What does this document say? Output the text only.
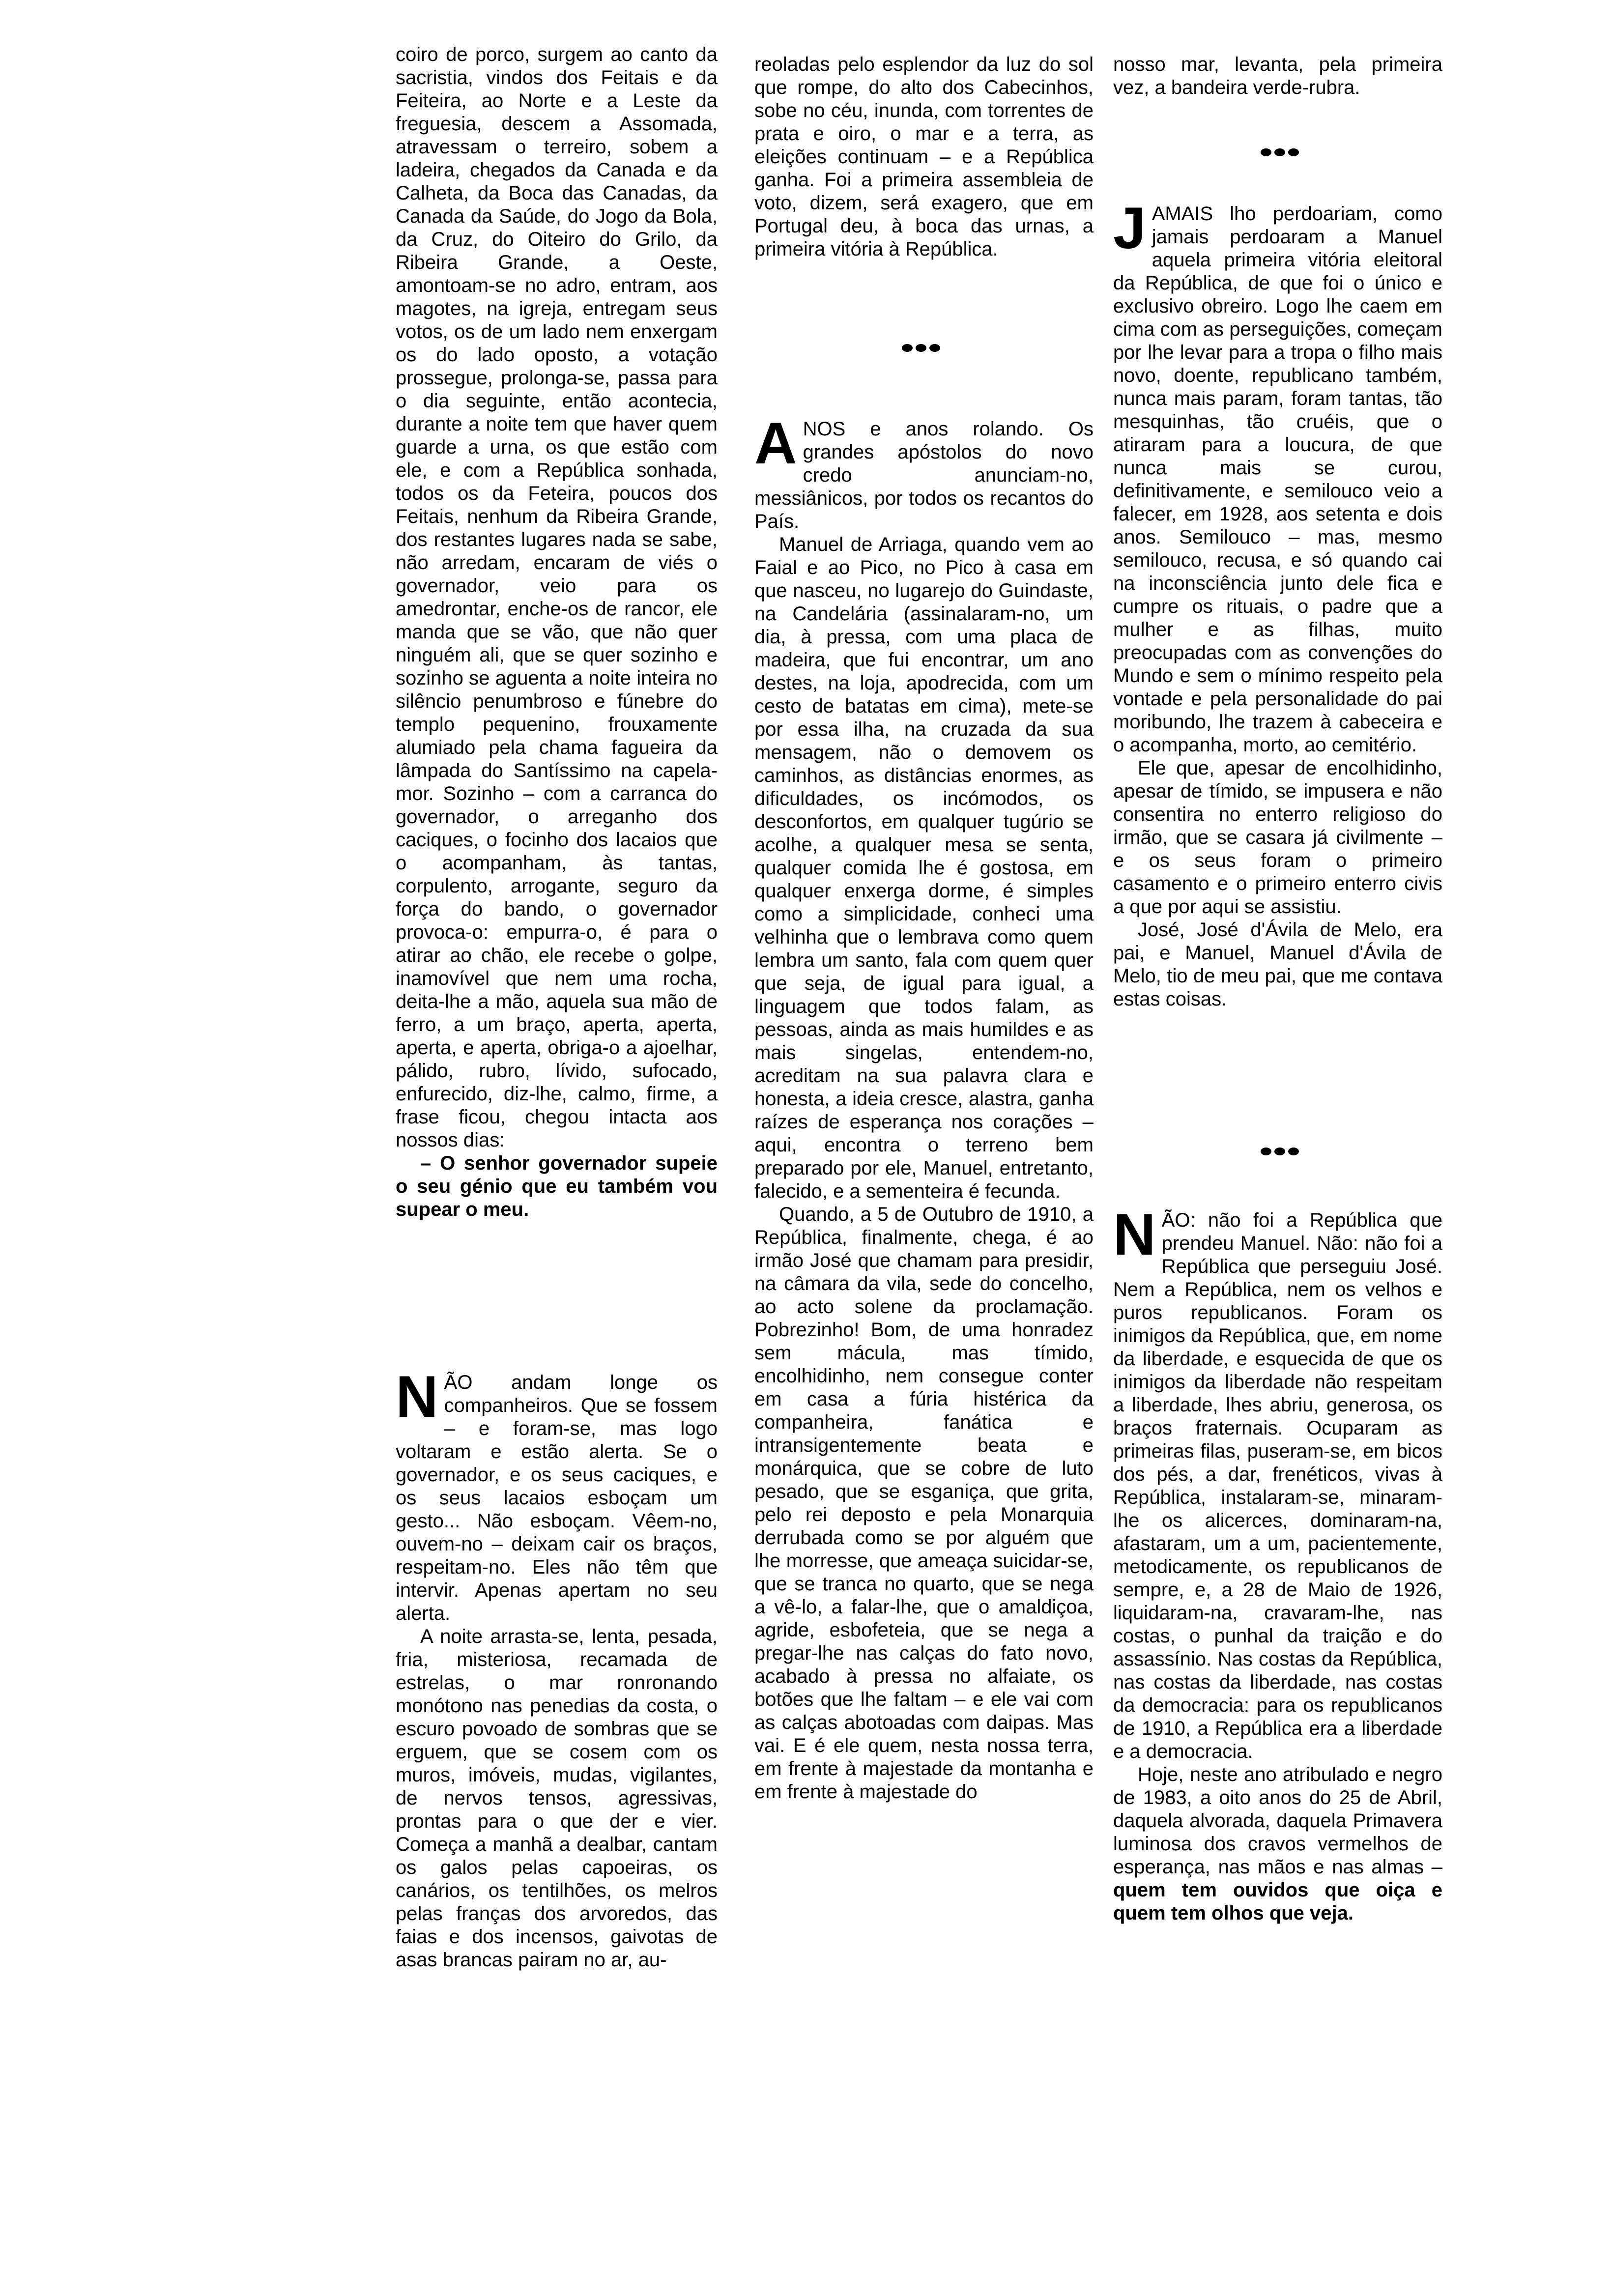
coiro de porco, surgem ao canto da sacristia, vindos dos Feitais e da Feiteira, ao Norte e a Leste da freguesia, descem a Assomada, atravessam o terreiro, sobem a ladeira, chegados da Canada e da Calheta, da Boca das Canadas, da Canada da Saúde, do Jogo da Bola, da Cruz, do Oiteiro do Grilo, da Ribeira Grande, a Oeste, amontoam-se no adro, entram, aos magotes, na igreja, entregam seus votos, os de um lado nem enxergam os do lado oposto, a votação prossegue, prolonga-se, passa para o dia seguinte, então acontecia, durante a noite tem que haver quem guarde a urna, os que estão com ele, e com a República sonhada, todos os da Feteira, poucos dos Feitais, nenhum da Ribeira Grande, dos restantes lugares nada se sabe, não arredam, encaram de viés o governador, veio para os amedrontar, enche-os de rancor, ele manda que se vão, que não quer ninguém ali, que se quer sozinho e sozinho se aguenta a noite inteira no silêncio penumbroso e fúnebre do templo pequenino, frouxamente alumiado pela chama fagueira da lâmpada do Santíssimo na capela-mor. Sozinho – com a carranca do governador, o arreganho dos caciques, o focinho dos lacaios que o acompanham, às tantas, corpulento, arrogante, seguro da força do bando, o governador provoca-o: empurra-o, é para o atirar ao chão, ele recebe o golpe, inamovível que nem uma rocha, deita-lhe a mão, aquela sua mão de ferro, a um braço, aperta, aperta, aperta, e aperta, obriga-o a ajoelhar, pálido, rubro, lívido, sufocado, enfurecido, diz-lhe, calmo, firme, a frase ficou, chegou intacta aos nossos dias:

– O senhor governador supeie o seu génio que eu também vou supear o meu.

NÃO andam longe os companheiros. Que se fossem – e foram-se, mas logo voltaram e estão alerta. Se o governador, e os seus caciques, e os seus lacaios esboçam um gesto... Não esboçam. Vêem-no, ouvem-no – deixam cair os braços, respeitam-no. Eles não têm que intervir. Apenas apertam no seu alerta.

A noite arrasta-se, lenta, pesada, fria, misteriosa, recamada de estrelas, o mar ronronando monótono nas penedias da costa, o escuro povoado de sombras que se erguem, que se cosem com os muros, imóveis, mudas, vigilantes, de nervos tensos, agressivas, prontas para o que der e vier. Começa a manhã a dealbar, cantam os galos pelas capoeiras, os canários, os tentilhões, os melros pelas franças dos arvoredos, das faias e dos incensos, gaivotas de asas brancas pairam no ar, au-

reoladas pelo esplendor da luz do sol que rompe, do alto dos Cabecinhos, sobe no céu, inunda, com torrentes de prata e oiro, o mar e a terra, as eleições continuam – e a República ganha. Foi a primeira assembleia de voto, dizem, será exagero, que em Portugal deu, à boca das urnas, a primeira vitória à República.

ANOS e anos rolando. Os grandes apóstolos do novo credo anunciam-no, messiânicos, por todos os recantos do País.

Manuel de Arriaga, quando vem ao Faial e ao Pico, no Pico à casa em que nasceu, no lugarejo do Guindaste, na Candelária (assinalaram-no, um dia, à pressa, com uma placa de madeira, que fui encontrar, um ano destes, na loja, apodrecida, com um cesto de batatas em cima), mete-se por essa ilha, na cruzada da sua mensagem, não o demovem os caminhos, as distâncias enormes, as dificuldades, os incómodos, os desconfortos, em qualquer tugúrio se acolhe, a qualquer mesa se senta, qualquer comida lhe é gostosa, em qualquer enxerga dorme, é simples como a simplicidade, conheci uma velhinha que o lembrava como quem lembra um santo, fala com quem quer que seja, de igual para igual, a linguagem que todos falam, as pessoas, ainda as mais humildes e as mais singelas, entendem-no, acreditam na sua palavra clara e honesta, a ideia cresce, alastra, ganha raízes de esperança nos corações – aqui, encontra o terreno bem preparado por ele, Manuel, entretanto, falecido, e a sementeira é fecunda.

Quando, a 5 de Outubro de 1910, a República, finalmente, chega, é ao irmão José que chamam para presidir, na câmara da vila, sede do concelho, ao acto solene da proclamação. Pobrezinho! Bom, de uma honradez sem mácula, mas tímido, encolhidinho, nem consegue conter em casa a fúria histérica da companheira, fanática e intransigentemente beata e monárquica, que se cobre de luto pesado, que se esganiça, que grita, pelo rei deposto e pela Monarquia derrubada como se por alguém que lhe morresse, que ameaça suicidar-se, que se tranca no quarto, que se nega a vê-lo, a falar-lhe, que o amaldiçoa, agride, esbofeteia, que se nega a pregar-lhe nas calças do fato novo, acabado à pressa no alfaiate, os botões que lhe faltam – e ele vai com as calças abotoadas com daipas. Mas vai. E é ele quem, nesta nossa terra, em frente à majestade da montanha e em frente à majestade do

nosso mar, levanta, pela primeira vez, a bandeira verde-rubra.

JAMAIS lho perdoariam, como jamais perdoaram a Manuel aquela primeira vitória eleitoral da República, de que foi o único e exclusivo obreiro. Logo lhe caem em cima com as perseguições, começam por lhe levar para a tropa o filho mais novo, doente, republicano também, nunca mais param, foram tantas, tão mesquinhas, tão cruéis, que o atiraram para a loucura, de que nunca mais se curou, definitivamente, e semilouco veio a falecer, em 1928, aos setenta e dois anos. Semilouco – mas, mesmo semilouco, recusa, e só quando cai na inconsciência junto dele fica e cumpre os rituais, o padre que a mulher e as filhas, muito preocupadas com as convenções do Mundo e sem o mínimo respeito pela vontade e pela personalidade do pai moribundo, lhe trazem à cabeceira e o acompanha, morto, ao cemitério.

Ele que, apesar de encolhidinho, apesar de tímido, se impusera e não consentira no enterro religioso do irmão, que se casara já civilmente – e os seus foram o primeiro casamento e o primeiro enterro civis a que por aqui se assistiu.

José, José d'Ávila de Melo, era pai, e Manuel, Manuel d'Ávila de Melo, tio de meu pai, que me contava estas coisas.

NÃO: não foi a República que prendeu Manuel. Não: não foi a República que perseguiu José. Nem a República, nem os velhos e puros republicanos. Foram os inimigos da República, que, em nome da liberdade, e esquecida de que os inimigos da liberdade não respeitam a liberdade, lhes abriu, generosa, os braços fraternais. Ocuparam as primeiras filas, puseram-se, em bicos dos pés, a dar, frenéticos, vivas à República, instalaram-se, minaram-lhe os alicerces, dominaram-na, afastaram, um a um, pacientemente, metodicamente, os republicanos de sempre, e, a 28 de Maio de 1926, liquidaram-na, cravaram-lhe, nas costas, o punhal da traição e do assassínio. Nas costas da República, nas costas da liberdade, nas costas da democracia: para os republicanos de 1910, a República era a liberdade e a democracia.

Hoje, neste ano atribulado e negro de 1983, a oito anos do 25 de Abril, daquela alvorada, daquela Primavera luminosa dos cravos vermelhos de esperança, nas mãos e nas almas – quem tem ouvidos que oiça e quem tem olhos que veja.
